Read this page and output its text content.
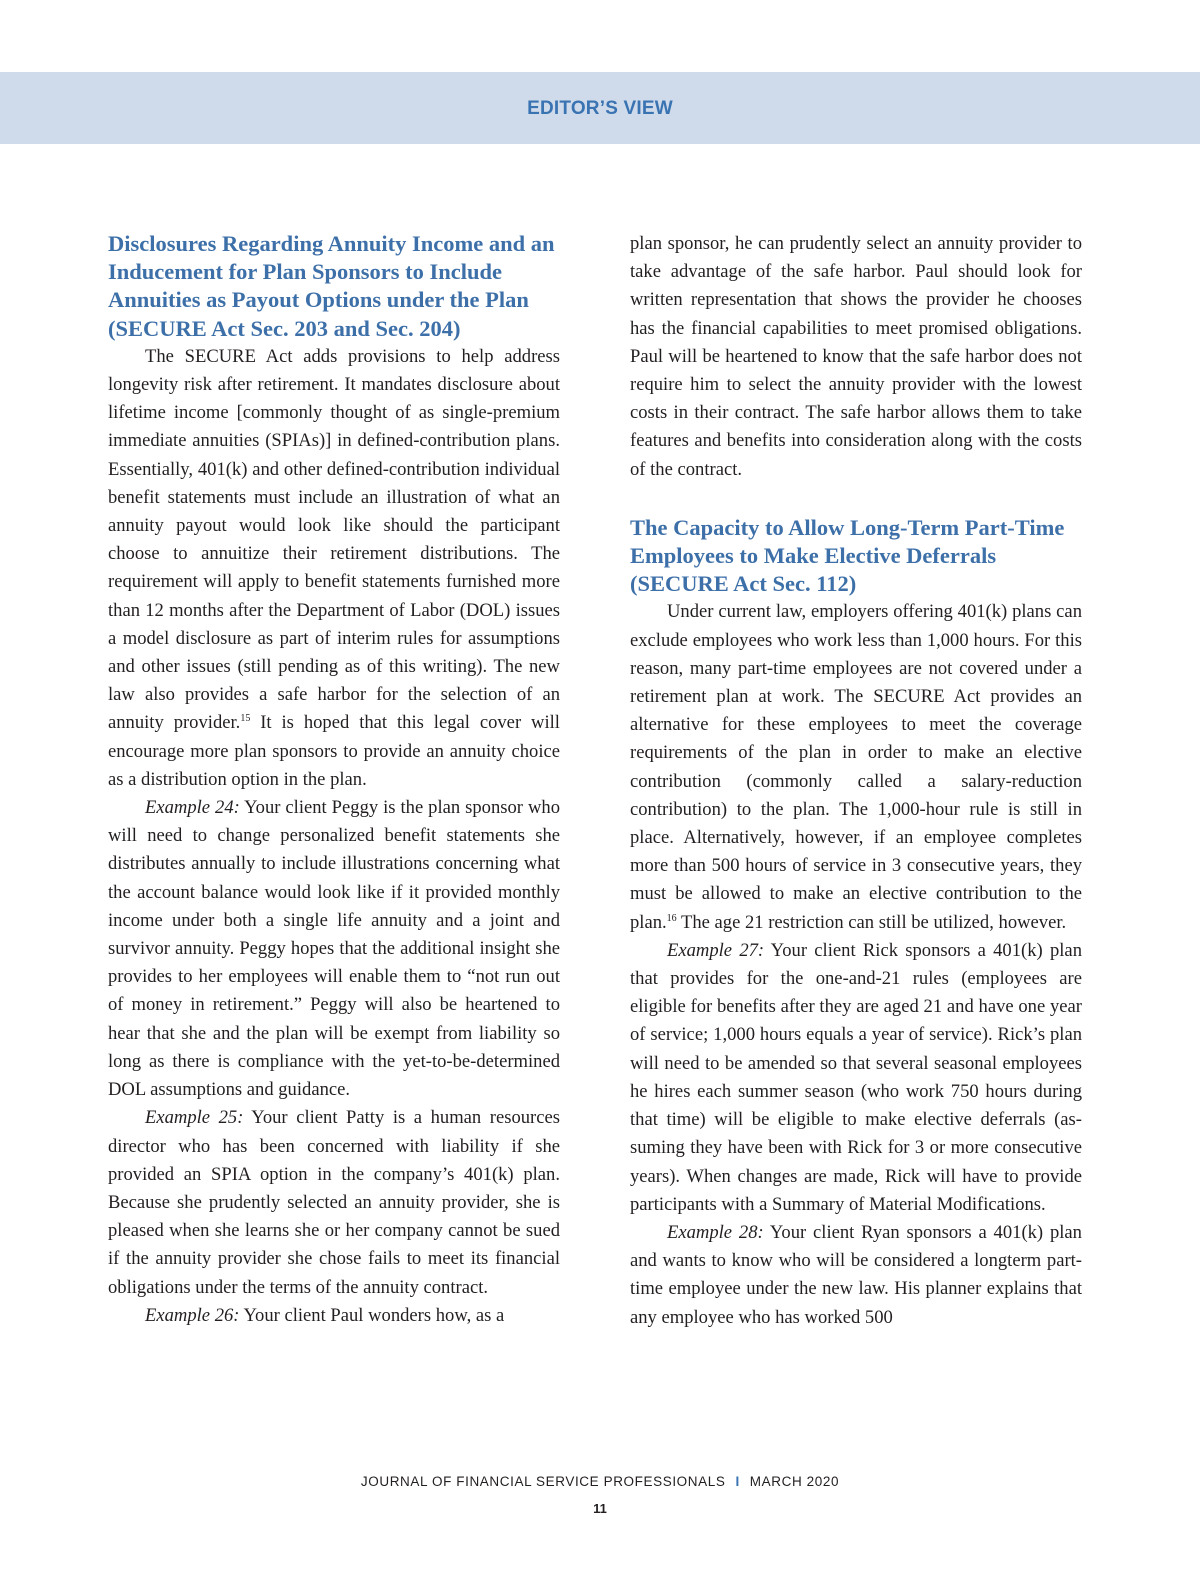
EDITOR’S VIEW
Disclosures Regarding Annuity Income and an Inducement for Plan Sponsors to Include Annuities as Payout Options under the Plan (SECURE Act Sec. 203 and Sec. 204)

The SECURE Act adds provisions to help address longevity risk after retirement. It mandates disclosure about lifetime income [commonly thought of as single-premium immediate annuities (SPIAs)] in defined-contribution plans. Essentially, 401(k) and other defined-contribution individual benefit statements must include an illustration of what an annuity payout would look like should the participant choose to annuitize their retirement distributions. The requirement will apply to benefit statements furnished more than 12 months after the Department of Labor (DOL) issues a model disclosure as part of interim rules for assumptions and other issues (still pending as of this writing). The new law also provides a safe harbor for the selection of an annuity provider.$^{15}$ It is hoped that this legal cover will encourage more plan sponsors to provide an annuity choice as a distribution option in the plan.

Example 24: Your client Peggy is the plan sponsor who will need to change personalized benefit statements she distributes annually to include illustrations concerning what the account balance would look like if it provided monthly income under both a single life annuity and a joint and survivor annuity. Peggy hopes that the additional insight she provides to her employees will enable them to “not run out of money in retirement.” Peggy will also be heartened to hear that she and the plan will be exempt from liability so long as there is compliance with the yet-to-be-determined DOL assumptions and guidance.

Example 25: Your client Patty is a human resources director who has been concerned with liability if she provided an SPIA option in the company’s 401(k) plan. Because she prudently selected an annuity provider, she is pleased when she learns she or her company cannot be sued if the annuity provider she chose fails to meet its financial obligations under the terms of the annuity contract.

Example 26: Your client Paul wonders how, as a

plan sponsor, he can prudently select an annuity provider to take advantage of the safe harbor. Paul should look for written representation that shows the provider he chooses has the financial capabilities to meet promised obligations. Paul will be heartened to know that the safe harbor does not require him to select the annuity provider with the lowest costs in their contract. The safe harbor allows them to take features and benefits into consideration along with the costs of the contract.

The Capacity to Allow Long-Term Part-Time Employees to Make Elective Deferrals (SECURE Act Sec. 112)

Under current law, employers offering 401(k) plans can exclude employees who work less than 1,000 hours. For this reason, many part-time employees are not covered under a retirement plan at work. The SECURE Act provides an alternative for these employees to meet the coverage requirements of the plan in order to make an elective contribution (commonly called a salary-reduction contribution) to the plan. The 1,000-hour rule is still in place. Alternatively, however, if an employee completes more than 500 hours of service in 3 consecutive years, they must be allowed to make an elective contribution to the plan.$^{16}$ The age 21 restriction can still be utilized, however.

Example 27: Your client Rick sponsors a 401(k) plan that provides for the one-and-21 rules (employees are eligible for benefits after they are aged 21 and have one year of service; 1,000 hours equals a year of service). Rick’s plan will need to be amended so that several seasonal employees he hires each summer season (who work 750 hours during that time) will be eligible to make elective deferrals (assuming they have been with Rick for 3 or more consecutive years). When changes are made, Rick will have to provide participants with a Summary of Material Modifications.

Example 28: Your client Ryan sponsors a 401(k) plan and wants to know who will be considered a longterm part-time employee under the new law. His planner explains that any employee who has worked 500

JOURNAL OF FINANCIAL SERVICE PROFESSIONALS I MARCH 2020
11
